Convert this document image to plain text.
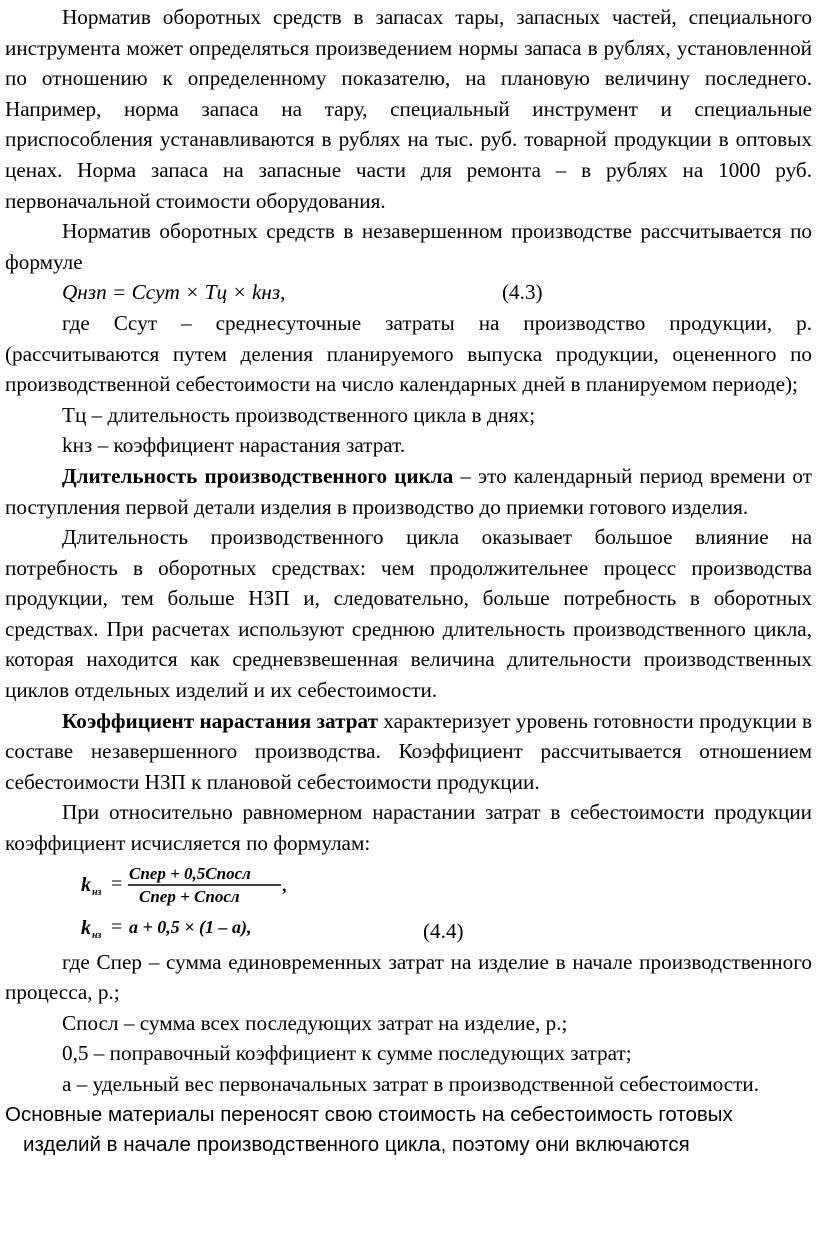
Норматив оборотных средств в запасах тары, запасных частей, специального инструмента может определяться произведением нормы запаса в рублях, установленной по отношению к определенному показателю, на плановую величину последнего. Например, норма запаса на тару, специальный инструмент и специальные приспособления устанавливаются в рублях на тыс. руб. товарной продукции в оптовых ценах. Норма запаса на запасные части для ремонта – в рублях на 1000 руб. первоначальной стоимости оборудования.

Норматив оборотных средств в незавершенном производстве рассчитывается по формуле

Qнзп = Ccут × Tц × kнз,	(4.3)

где Ccут – среднесуточные затраты на производство продукции, р. (рассчитываются путем деления планируемого выпуска продукции, оцененного по производственной себестоимости на число календарных дней в планируемом периоде);

Тц – длительность производственного цикла в днях;

kнз – коэффициент нарастания затрат.

Длительность производственного цикла – это календарный период времени от поступления первой детали изделия в производство до приемки готового изделия.

Длительность производственного цикла оказывает большое влияние на потребность в оборотных средствах: чем продолжительнее процесс производства продукции, тем больше НЗП и, следовательно, больше потребность в оборотных средствах. При расчетах используют среднюю длительность производственного цикла, которая находится как средневзвешенная величина длительности производственных циклов отдельных изделий и их себестоимости.

Коэффициент нарастания затрат характеризует уровень готовности продукции в составе незавершенного производства. Коэффициент рассчитывается отношением себестоимости НЗП к плановой себестоимости продукции.

При относительно равномерном нарастании затрат в себестоимости продукции коэффициент исчисляется по формулам:

k нз = Спер + 0,5Спосл
Спер + Спосл
,
k нз = a + 0,5 × (1 – a),	(4.4)

где Спер – сумма единовременных затрат на изделие в начале производственного процесса, р.;

Спосл – сумма всех последующих затрат на изделие, р.;

0,5 – поправочный коэффициент к сумме последующих затрат;

а – удельный вес первоначальных затрат в производственной себестоимости.

Основные материалы переносят свою стоимость на себестоимость готовых

изделий в начале производственного цикла, поэтому они включаются
